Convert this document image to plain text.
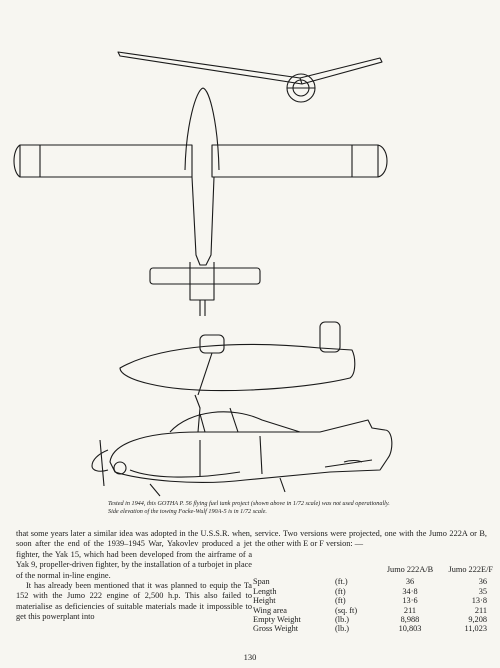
Tested in 1944, this GOTHA P. 56 flying fuel tank project (shown above in 1/72 scale) was not used operationally. Side elevation of the towing Focke-Wulf 190A-5 is in 1/72 scale.

that some years later a similar idea was adopted in the U.S.S.R. when, soon after the end of the 1939–1945 War, Yakovlev produced a jet fighter, the Yak 15, which had been developed from the airframe of a Yak 9, propeller-driven fighter, by the installation of a turbojet in place of the normal in-line engine.

It has already been mentioned that it was planned to equip the Ta 152 with the Jumo 222 engine of 2,500 h.p. This also failed to materialise as deficiencies of suitable materials made it impossible to get this powerplant into

service. Two versions were projected, one with the Jumo 222A or B, the other with E or F version: —

		Jumo 222A/B	Jumo 222E/F
Span	(ft.)	36	36
Length	(ft)	34·8	35
Height	(ft)	13·6	13·8
Wing area	(sq. ft)	211	211
Empty Weight	(lb.)	8,988	9,208
Gross Weight	(lb.)	10,803	11,023
130
